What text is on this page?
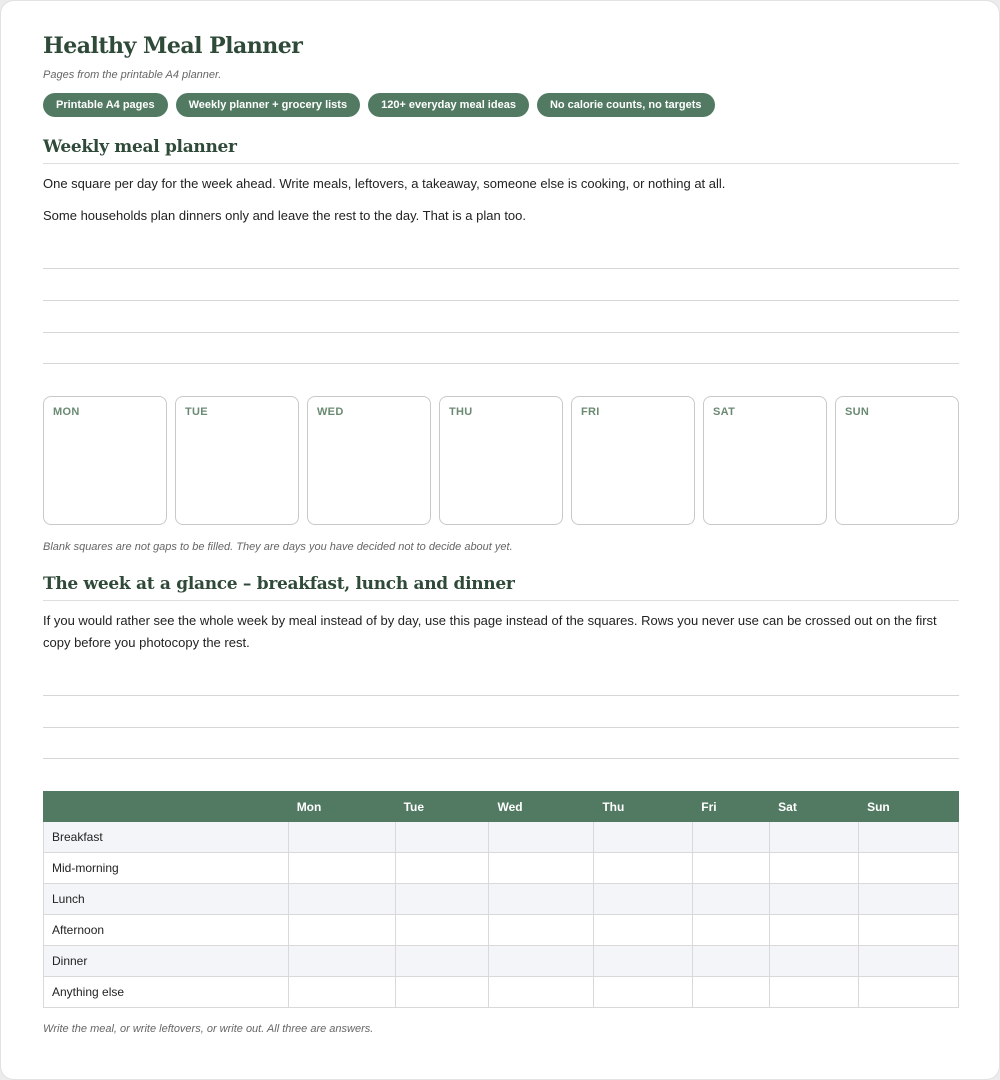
Healthy Meal Planner
Pages from the printable A4 planner.
Printable A4 pages	Weekly planner + grocery lists	120+ everyday meal ideas	No calorie counts, no targets
Weekly meal planner

One square per day for the week ahead. Write meals, leftovers, a takeaway, someone else is cooking, or nothing at all.

Some households plan dinners only and leave the rest to the day. That is a plan too.

MON	TUE	WED	THU	FRI	SAT	SUN
Blank squares are not gaps to be filled. They are days you have decided not to decide about yet.
The week at a glance – breakfast, lunch and dinner

If you would rather see the whole week by meal instead of by day, use this page instead of the squares. Rows you never use can be crossed out on the first copy before you photocopy the rest.

	Mon	Tue	Wed	Thu	Fri	Sat	Sun
Breakfast							
Mid-morning							
Lunch							
Afternoon							
Dinner							
Anything else							
Write the meal, or write leftovers, or write out. All three are answers.
